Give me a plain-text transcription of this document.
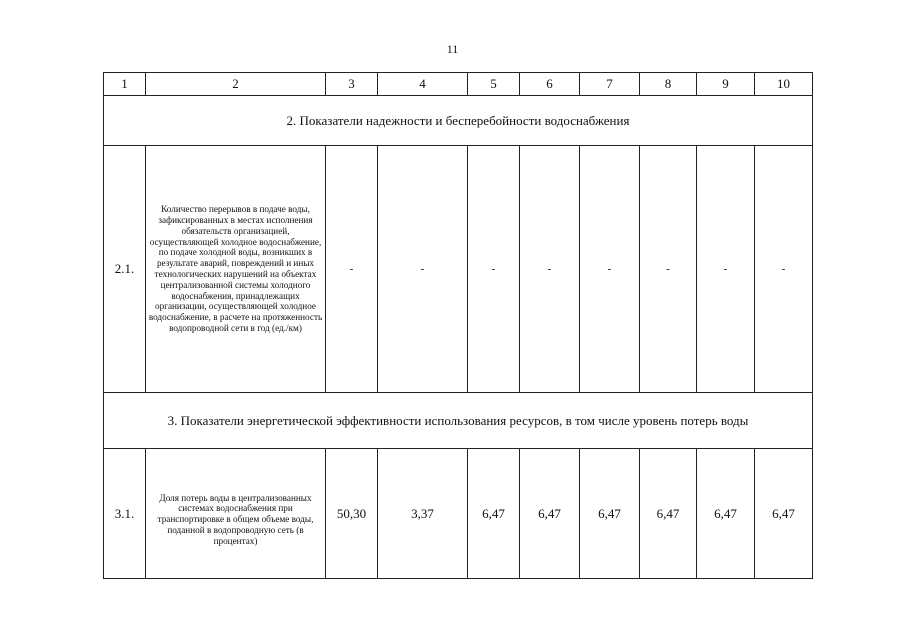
11
1	2	3	4	5	6	7	8	9	10
2. Показатели надежности и бесперебойности водоснабжения									
2.1.	Количество перерывов в подаче воды, зафиксированных в местах исполнения обязательств организацией, осуществляющей холодное водоснабжение, по подаче холодной воды, возникших в результате аварий, повреждений и иных технологических нарушений на объектах централизованной системы холодного водоснабжения, принадлежащих организации, осуществляющей холодное водоснабжение, в расчете на протяженность водопроводной сети в год (ед./км)	-	-	-	-	-	-	-	-
3. Показатели энергетической эффективности использования ресурсов, в том числе уровень потерь воды									
3.1.	Доля потерь воды в централизованных системах водоснабжения при транспортировке в общем объеме воды, поданной в водопроводную сеть (в процентах)	50,30	3,37	6,47	6,47	6,47	6,47	6,47	6,47
